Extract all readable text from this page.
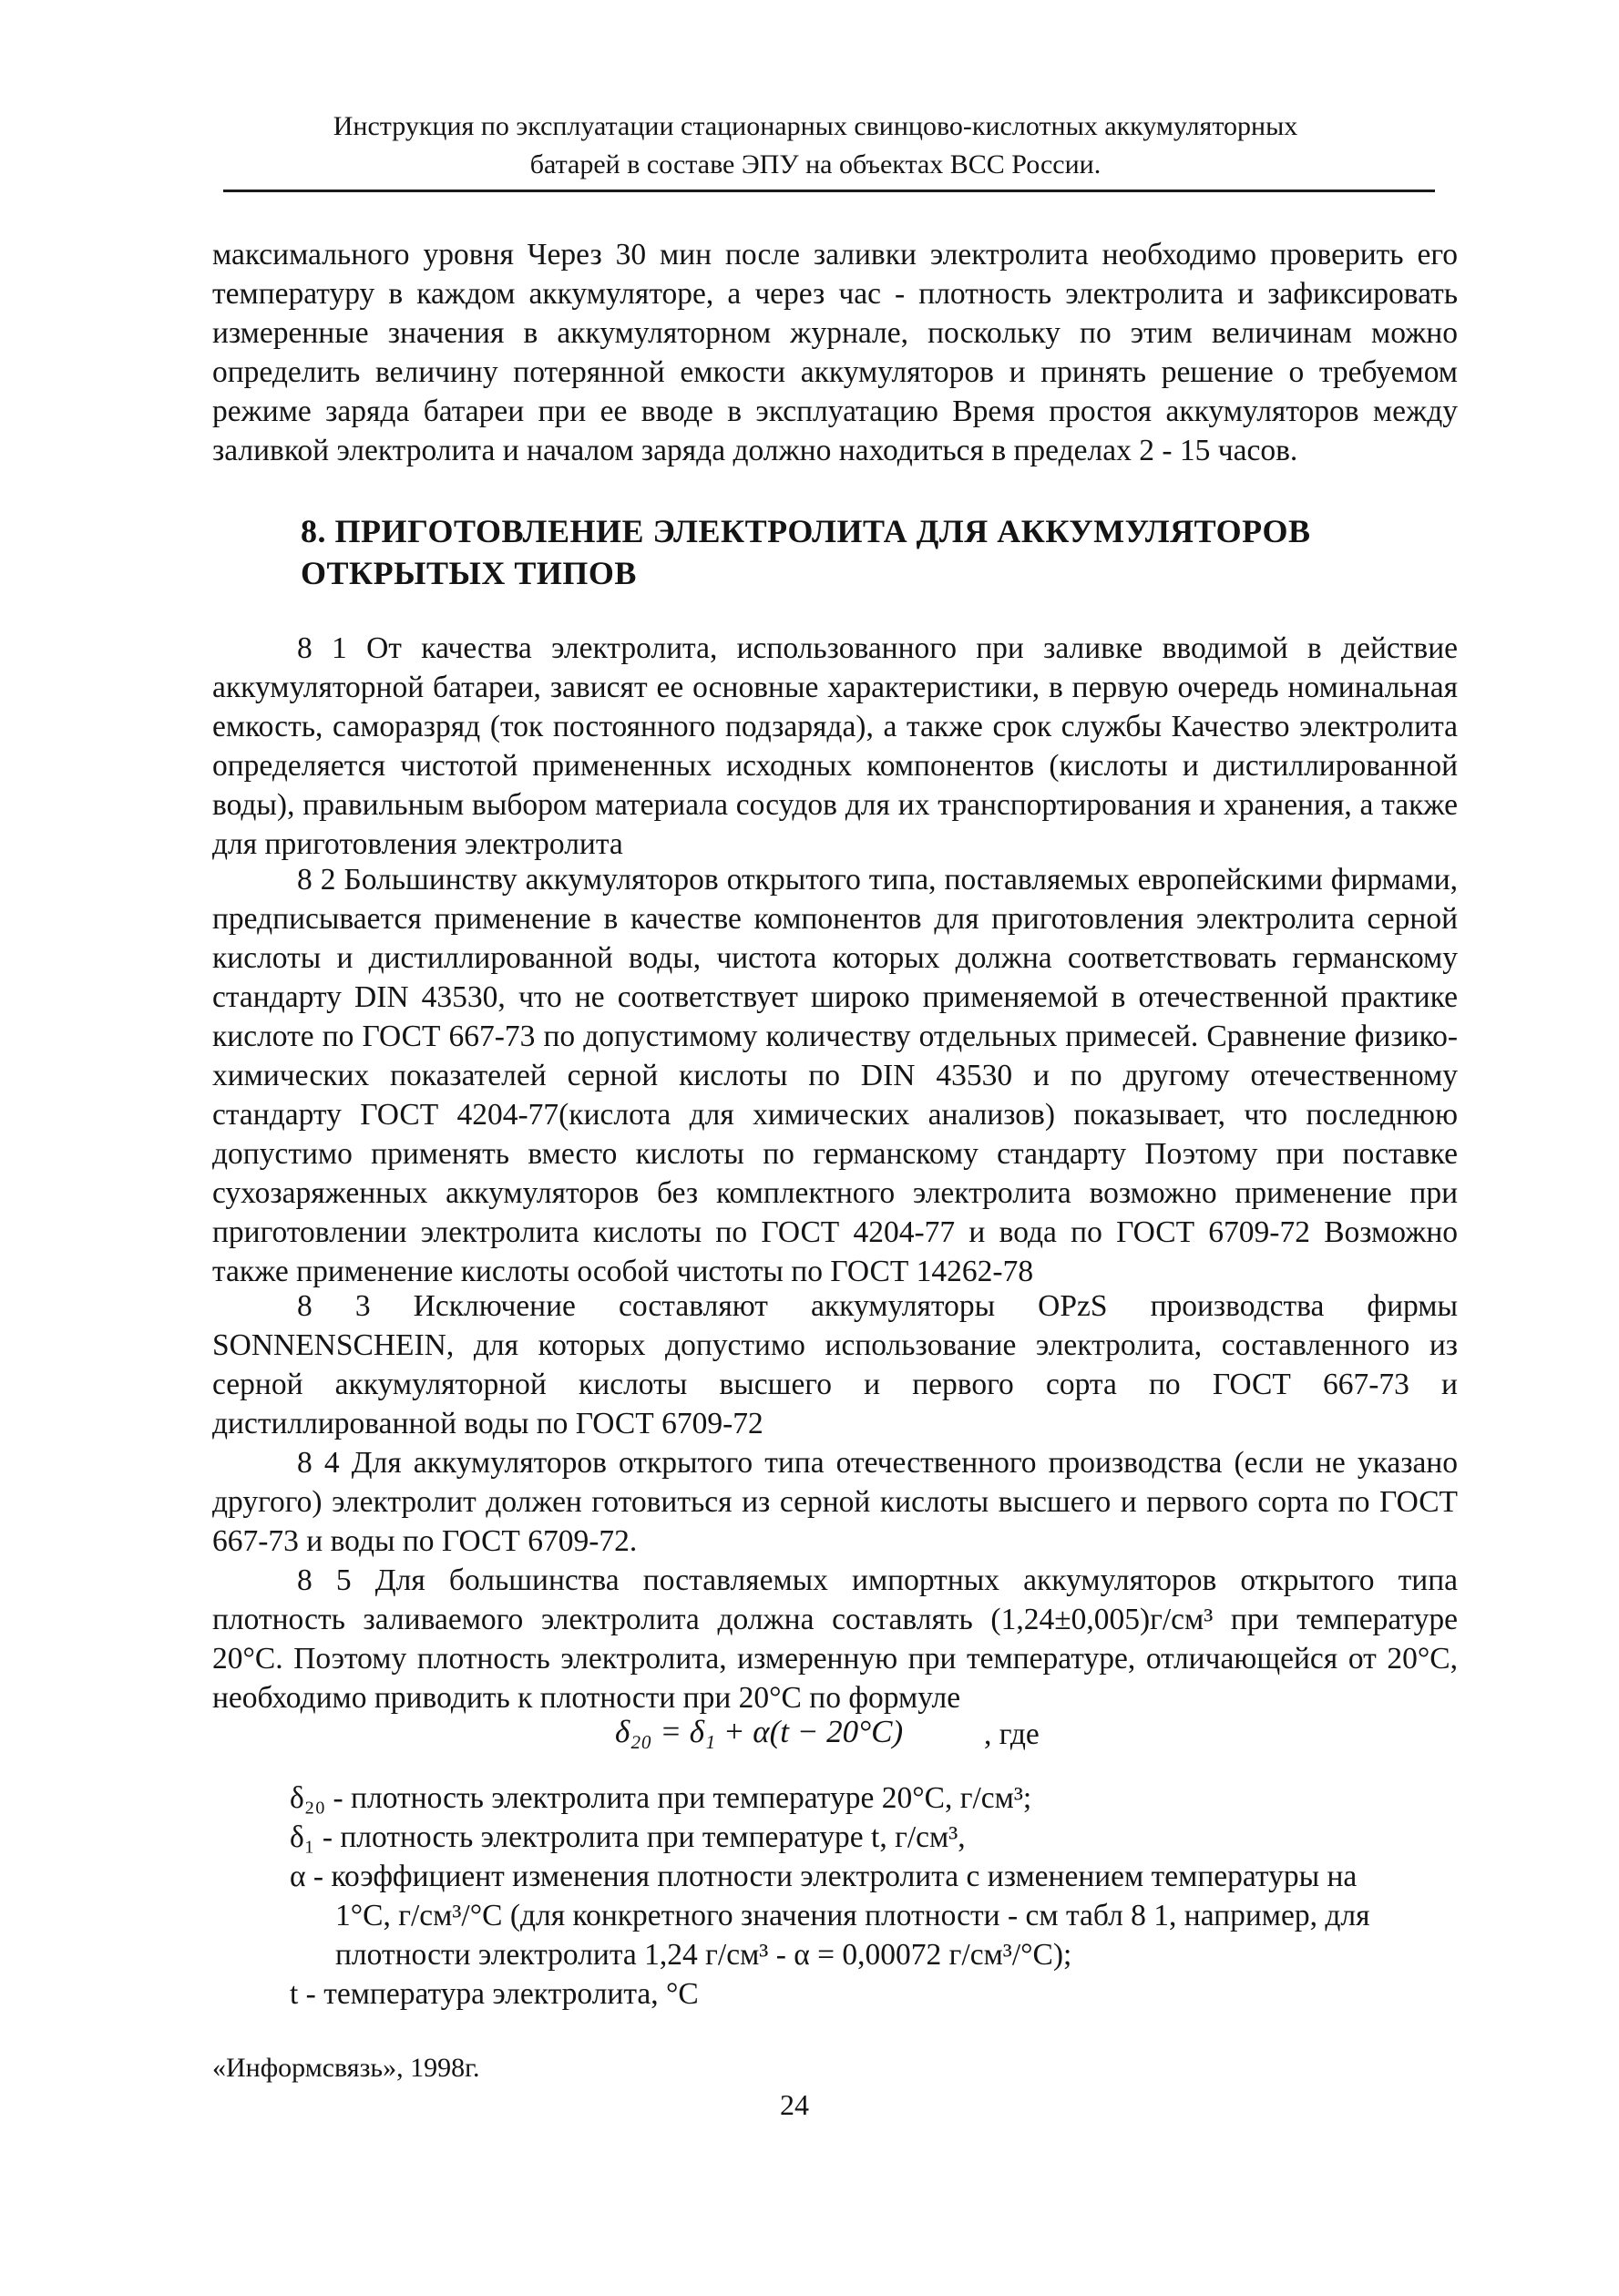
Инструкция по эксплуатации стационарных свинцово-кислотных аккумуляторных
батарей в составе ЭПУ на объектах ВСС России.

максимального уровня Через 30 мин после заливки электролита необходимо проверить его температуру в каждом аккумуляторе, а через час - плотность электролита и зафиксировать измеренные значения в аккумуляторном журнале, поскольку по этим величинам можно определить величину потерянной емкости аккумуляторов и принять решение о требуемом режиме заряда батареи при ее вводе в эксплуатацию Время простоя аккумуляторов между заливкой электролита и началом заряда должно находиться в пределах 2 - 15 часов.

8. ПРИГОТОВЛЕНИЕ ЭЛЕКТРОЛИТА ДЛЯ АККУМУЛЯТОРОВ
ОТКРЫТЫХ ТИПОВ

8 1 От качества электролита, использованного при заливке вводимой в действие аккумуляторной батареи, зависят ее основные характеристики, в первую очередь номинальная емкость, саморазряд (ток постоянного подзаряда), а также срок службы Качество электролита определяется чистотой примененных исходных компонентов (кислоты и дистиллированной воды), правильным выбором материала сосудов для их транспортирования и хранения, а также для приготовления электролита

8 2 Большинству аккумуляторов открытого типа, поставляемых европейскими фирмами, предписывается применение в качестве компонентов для приготовления электролита серной кислоты и дистиллированной воды, чистота которых должна соответствовать германскому стандарту DIN 43530, что не соответствует широко применяемой в отечественной практике кислоте по ГОСТ 667-73 по допустимому количеству отдельных примесей. Сравнение физико-химических показателей серной кислоты по DIN 43530 и по другому отечественному стандарту ГОСТ 4204-77(кислота для химических анализов) показывает, что последнюю допустимо применять вместо кислоты по германскому стандарту Поэтому при поставке сухозаряженных аккумуляторов без комплектного электролита возможно применение при приготовлении электролита кислоты по ГОСТ 4204-77 и вода по ГОСТ 6709-72 Возможно также применение кислоты особой чистоты по ГОСТ 14262-78

8 3 Исключение составляют аккумуляторы OPzS производства фирмы SONNENSCHEIN, для которых допустимо использование электролита, составленного из серной аккумуляторной кислоты высшего и первого сорта по ГОСТ 667-73 и дистиллированной воды по ГОСТ 6709-72

8 4 Для аккумуляторов открытого типа отечественного производства (если не указано другого) электролит должен готовиться из серной кислоты высшего и первого сорта по ГОСТ 667-73 и воды по ГОСТ 6709-72.

8 5 Для большинства поставляемых импортных аккумуляторов открытого типа плотность заливаемого электролита должна составлять (1,24±0,005)г/см³ при температуре 20°С. Поэтому плотность электролита, измеренную при температуре, отличающейся от 20°С, необходимо приводить к плотности при 20°С по формуле

δ₂₀ = δ₁ + α(t − 20°C)	, где
δ₂₀ - плотность электролита при температуре 20°С, г/см³;
δ₁ - плотность электролита при температуре t, г/см³,
α - коэффициент изменения плотности электролита с изменением температуры на
1°С, г/см³/°С (для конкретного значения плотности - см табл 8 1, например, для
плотности электролита 1,24 г/см³ - α = 0,00072 г/см³/°С);
t - температура электролита, °С
«Информсвязь», 1998г.
24
